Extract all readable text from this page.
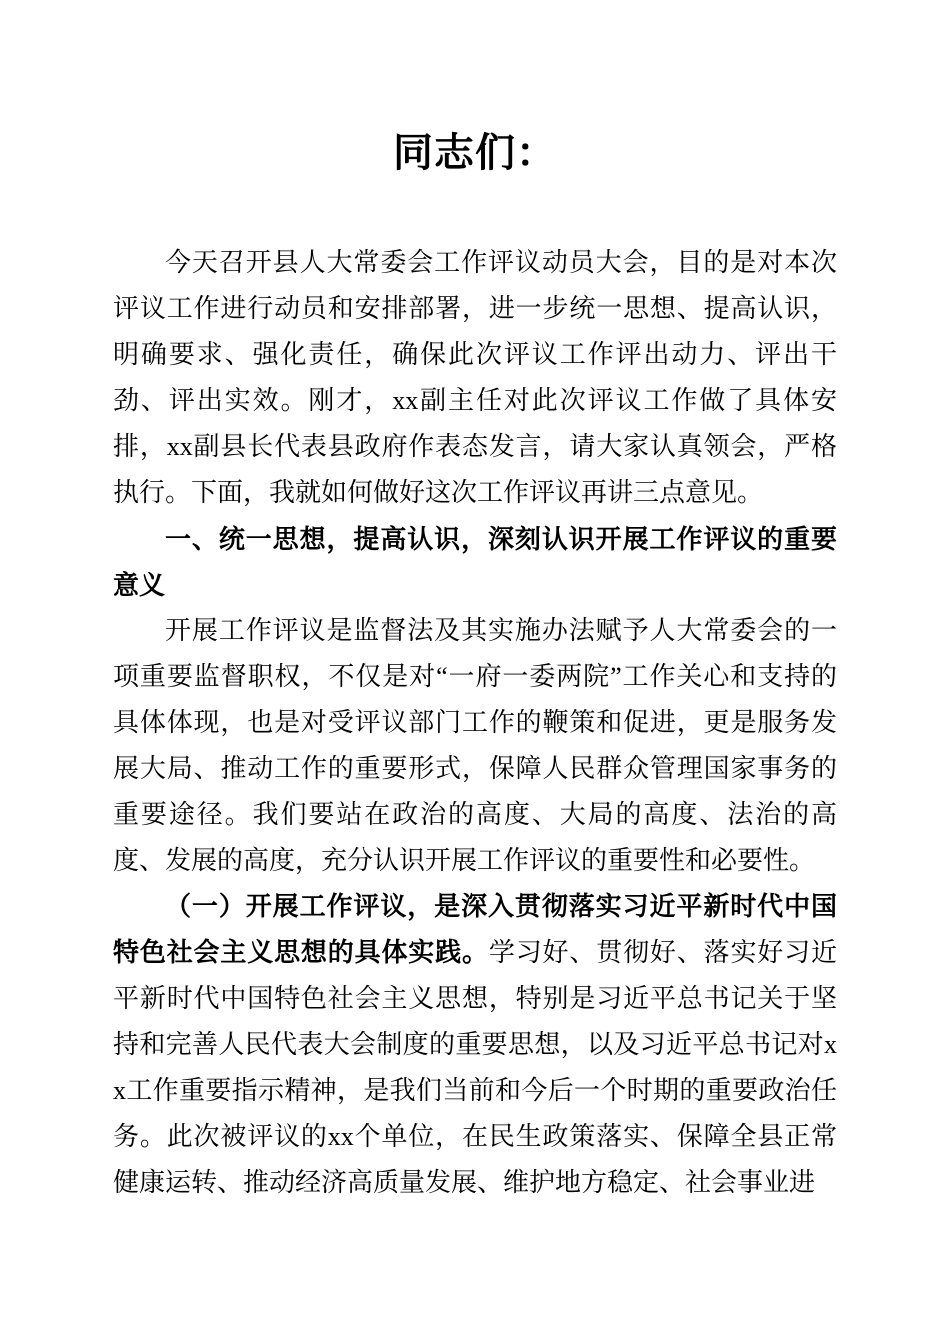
同志们：

今天召开县人大常委会工作评议动员大会，目的是对本次评议工作进行动员和安排部署，进一步统一思想、提高认识，明确要求、强化责任，确保此次评议工作评出动力、评出干劲、评出实效。刚才，xx副主任对此次评议工作做了具体安排，xx副县长代表县政府作表态发言，请大家认真领会，严格执行。下面，我就如何做好这次工作评议再讲三点意见。

一、统一思想，提高认识，深刻认识开展工作评议的重要意义

开展工作评议是监督法及其实施办法赋予人大常委会的一项重要监督职权，不仅是对“一府一委两院”工作关心和支持的具体体现，也是对受评议部门工作的鞭策和促进，更是服务发展大局、推动工作的重要形式，保障人民群众管理国家事务的重要途径。我们要站在政治的高度、大局的高度、法治的高度、发展的高度，充分认识开展工作评议的重要性和必要性。

（一）开展工作评议，是深入贯彻落实习近平新时代中国特色社会主义思想的具体实践。学习好、贯彻好、落实好习近平新时代中国特色社会主义思想，特别是习近平总书记关于坚持和完善人民代表大会制度的重要思想，以及习近平总书记对xx工作重要指示精神，是我们当前和今后一个时期的重要政治任务。此次被评议的xx个单位，在民生政策落实、保障全县正常健康运转、推动经济高质量发展、维护地方稳定、社会事业进
